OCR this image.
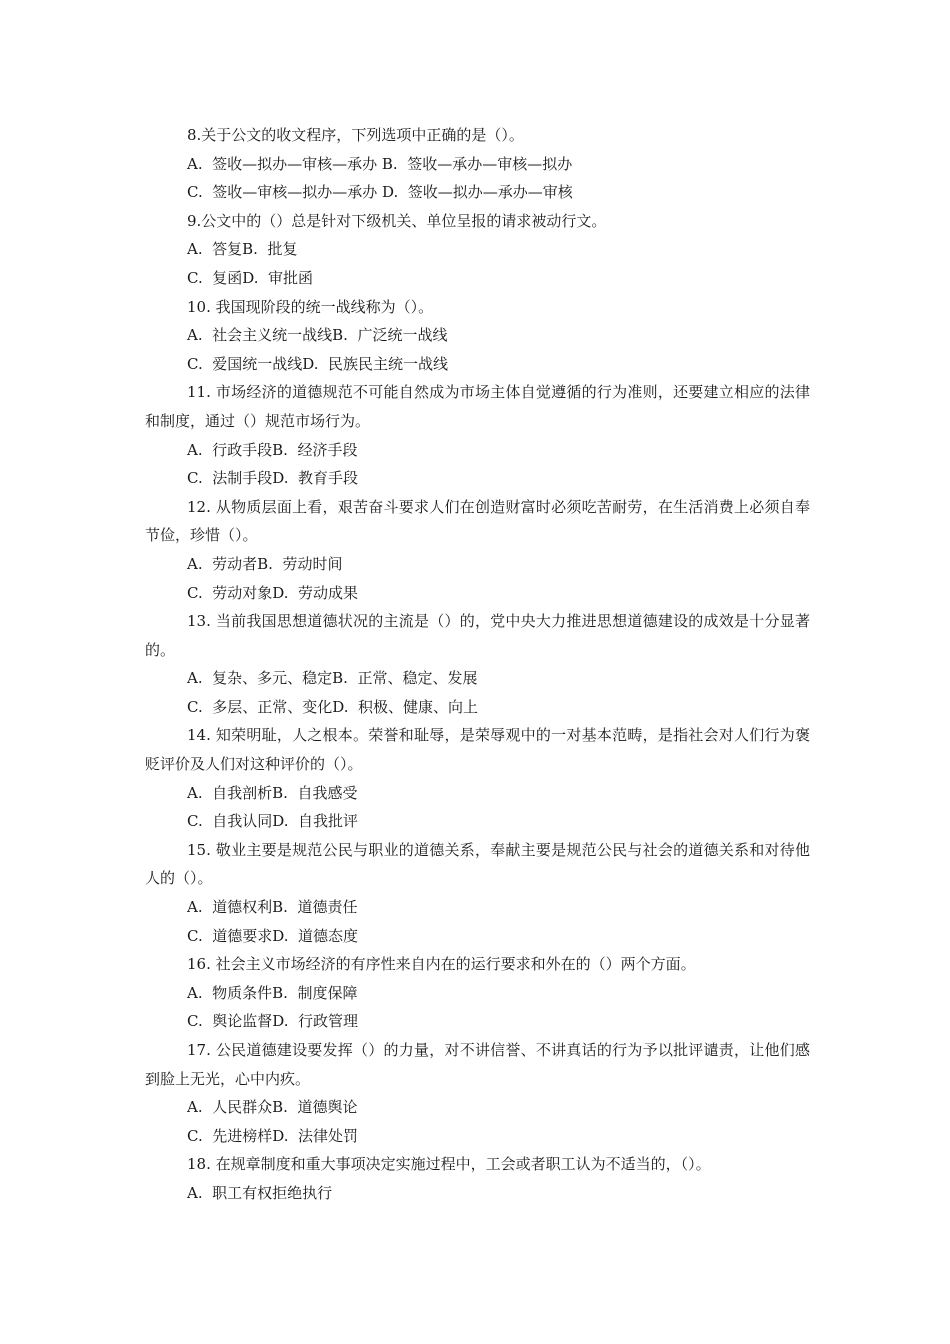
8.关于公文的收文程序，下列选项中正确的是（）。
A.  签收—拟办—审核—承办 B.  签收—承办—审核—拟办
C.  签收—审核—拟办—承办 D.  签收—拟办—承办—审核
9.公文中的（）总是针对下级机关、单位呈报的请求被动行文。
A.  答复B.  批复
C.  复函D.  审批函
10. 我国现阶段的统一战线称为（）。
A.  社会主义统一战线B.  广泛统一战线
C.  爱国统一战线D.  民族民主统一战线
11. 市场经济的道德规范不可能自然成为市场主体自觉遵循的行为准则，还要建立相应的法律和制度，通过（）规范市场行为。
A.  行政手段B.  经济手段
C.  法制手段D.  教育手段
12. 从物质层面上看，艰苦奋斗要求人们在创造财富时必须吃苦耐劳，在生活消费上必须自奉节俭，珍惜（）。
A.  劳动者B.  劳动时间
C.  劳动对象D.  劳动成果
13. 当前我国思想道德状况的主流是（）的，党中央大力推进思想道德建设的成效是十分显著的。
A.  复杂、多元、稳定B.  正常、稳定、发展
C.  多层、正常、变化D.  积极、健康、向上
14. 知荣明耻，人之根本。荣誉和耻辱，是荣辱观中的一对基本范畴，是指社会对人们行为褒贬评价及人们对这种评价的（）。
A.  自我剖析B.  自我感受
C.  自我认同D.  自我批评
15. 敬业主要是规范公民与职业的道德关系，奉献主要是规范公民与社会的道德关系和对待他人的（）。
A.  道德权利B.  道德责任
C.  道德要求D.  道德态度
16. 社会主义市场经济的有序性来自内在的运行要求和外在的（）两个方面。
A.  物质条件B.  制度保障
C.  舆论监督D.  行政管理
17. 公民道德建设要发挥（）的力量，对不讲信誉、不讲真话的行为予以批评谴责，让他们感到脸上无光，心中内疚。
A.  人民群众B.  道德舆论
C.  先进榜样D.  法律处罚
18. 在规章制度和重大事项决定实施过程中，工会或者职工认为不适当的，（）。
A.  职工有权拒绝执行
